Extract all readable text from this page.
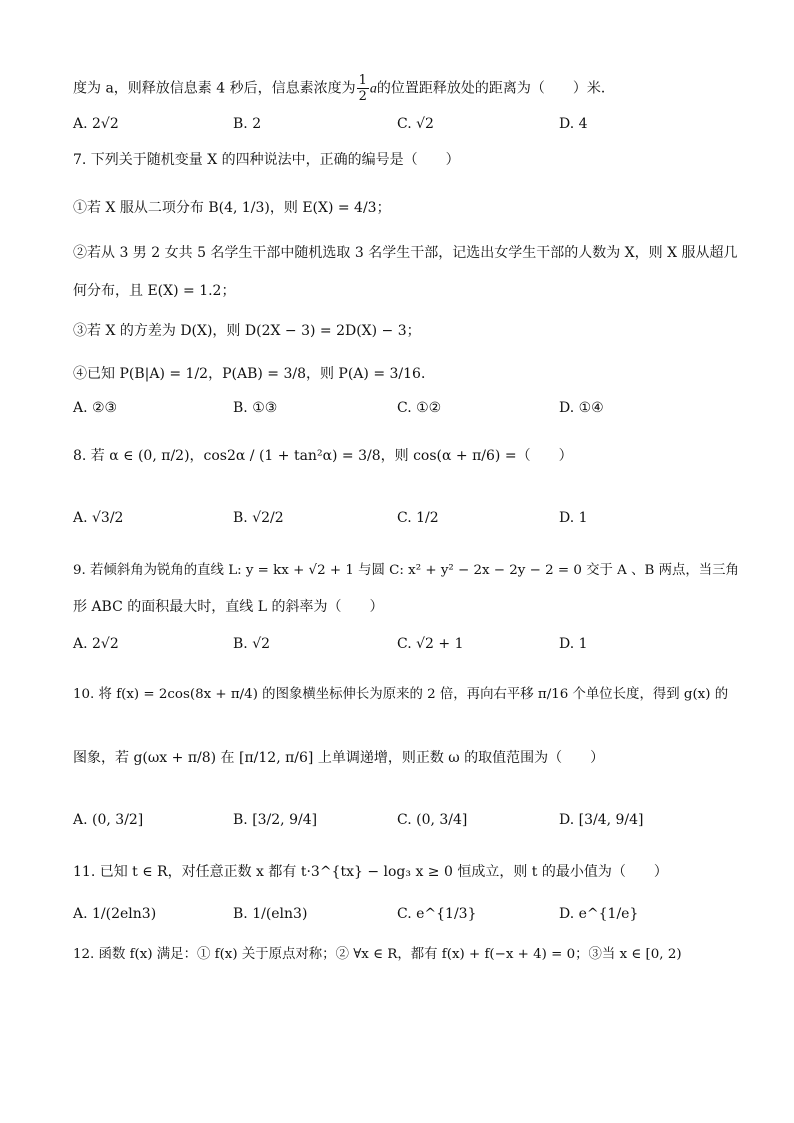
度为 a，则释放信息素 4 秒后，信息素浓度为 $\frac{1}{2}$ a的位置距释放处的距离为（　　）米．
A. 2√2	B. 2	C. √2	D. 4
7. 下列关于随机变量 X 的四种说法中，正确的编号是（　　）
①若 X 服从二项分布 B(4, 1/3)，则 E(X) = 4/3；
②若从 3 男 2 女共 5 名学生干部中随机选取 3 名学生干部，记选出女学生干部的人数为 X，则 X 服从超几
何分布，且 E(X) = 1.2；
③若 X 的方差为 D(X)，则 D(2X − 3) = 2D(X) − 3；
④已知 P(B|A) = 1/2，P(AB) = 3/8，则 P(A) = 3/16．
A. ②③	B. ①③	C. ①②	D. ①④
8. 若 α ∈ (0, π/2)，cos2α / (1 + tan²α) = 3/8，则 cos(α + π/6) =（　　）
A. √3/2	B. √2/2	C. 1/2	D. 1
9. 若倾斜角为锐角的直线 L: y = kx + √2 + 1 与圆 C: x² + y² − 2x − 2y − 2 = 0 交于 A 、B 两点，当三角
形 ABC 的面积最大时，直线 L 的斜率为（　　）
A. 2√2	B. √2	C. √2 + 1	D. 1
10. 将 f(x) = 2cos(8x + π/4) 的图象横坐标伸长为原来的 2 倍，再向右平移 π/16 个单位长度，得到 g(x) 的
图象，若 g(ωx + π/8) 在 [π/12, π/6] 上单调递增，则正数 ω 的取值范围为（　　）
A. (0, 3/2]	B. [3/2, 9/4]	C. (0, 3/4]	D. [3/4, 9/4]
11. 已知 t ∈ R，对任意正数 x 都有 t·3^{tx} − log₃ x ≥ 0 恒成立，则 t 的最小值为（　　）
A. 1/(2eln3)	B. 1/(eln3)	C. e^{1/3}	D. e^{1/e}
12. 函数 f(x) 满足：① f(x) 关于原点对称；② ∀x ∈ R，都有 f(x) + f(−x + 4) = 0；③当 x ∈ [0, 2)
